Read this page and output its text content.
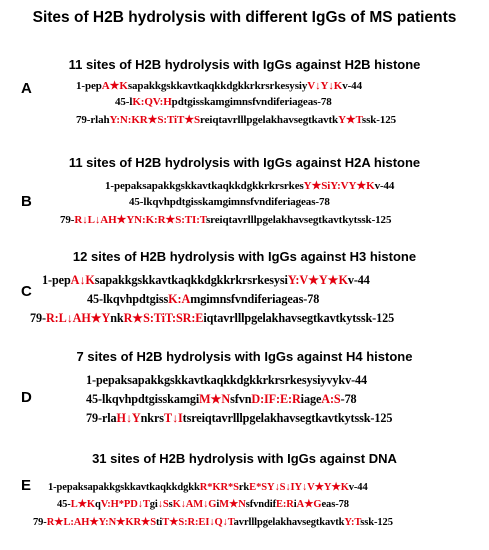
Sites of H2B hydrolysis with different IgGs of MS patients
11 sites of H2B hydrolysis with IgGs against H2B histone
A	1-pepA★KsapakkgskkavtkaqkkdgkkrkrsrkesysiyV↓Y↓Kv-44
45-lK:QV:Hpdtgisskamgimnsfvndiferiageas-78
79-rlahY:N:KR★S:TiT★SreiqtavrlllpgelakhavsegtkavtkY★Tssk-125
11 sites of H2B hydrolysis with IgGs against H2A histone
B
1-pepaksapakkgskkavtkaqkkdgkkrkrsrkesY★SiY:VY★Kv-44
45-lkqvhpdtgisskamgimnsfvndiferiageas-78
79-R↓L↓AH★YN:K:R★S:TI:Tsreiqtavrlllpgelakhavsegtkavtkytssk-125
12 sites of H2B hydrolysis with IgGs against H3 histone
C
1-pepA↓KsapakkgskkavtkaqkkdgkkrkrsrkesysiY:V★Y★Kv-44
45-lkqvhpdtgissK:Amgimnsfvndiferiageas-78
79-R:L↓AH★YnkR★S:TiT:SR:Eiqtavrlllpgelakhavsegtkavtkytssk-125
7 sites of H2B hydrolysis with IgGs against H4 histone
D
1-pepaksapakkgskkavtkaqkkdgkkrkrsrkesysiyvykv-44
45-lkqvhpdtgisskamgiM★NsfvnD:IF:E:RiageA:S-78
79-rlaH↓YnkrsT↓Itsreiqtavrlllpgelakhavsegtkavtkytssk-125
31 sites of H2B hydrolysis with IgGs against DNA
E 1-pepaksapakkgskkavtkaqkkdgkkR*KR*SrkE*SY↓S↓IY↓V★Y★Kv-44
45-L★KqV:H*PD↓Tgi↓SsK↓AM↓GiM★NsfvndifE:RiA★Geas-78
79-R★L:AH★Y:N★KR★StiT★S:R:EI↓Q↓TavrlllpgelakhavsegtkavtkY:Tssk-125
